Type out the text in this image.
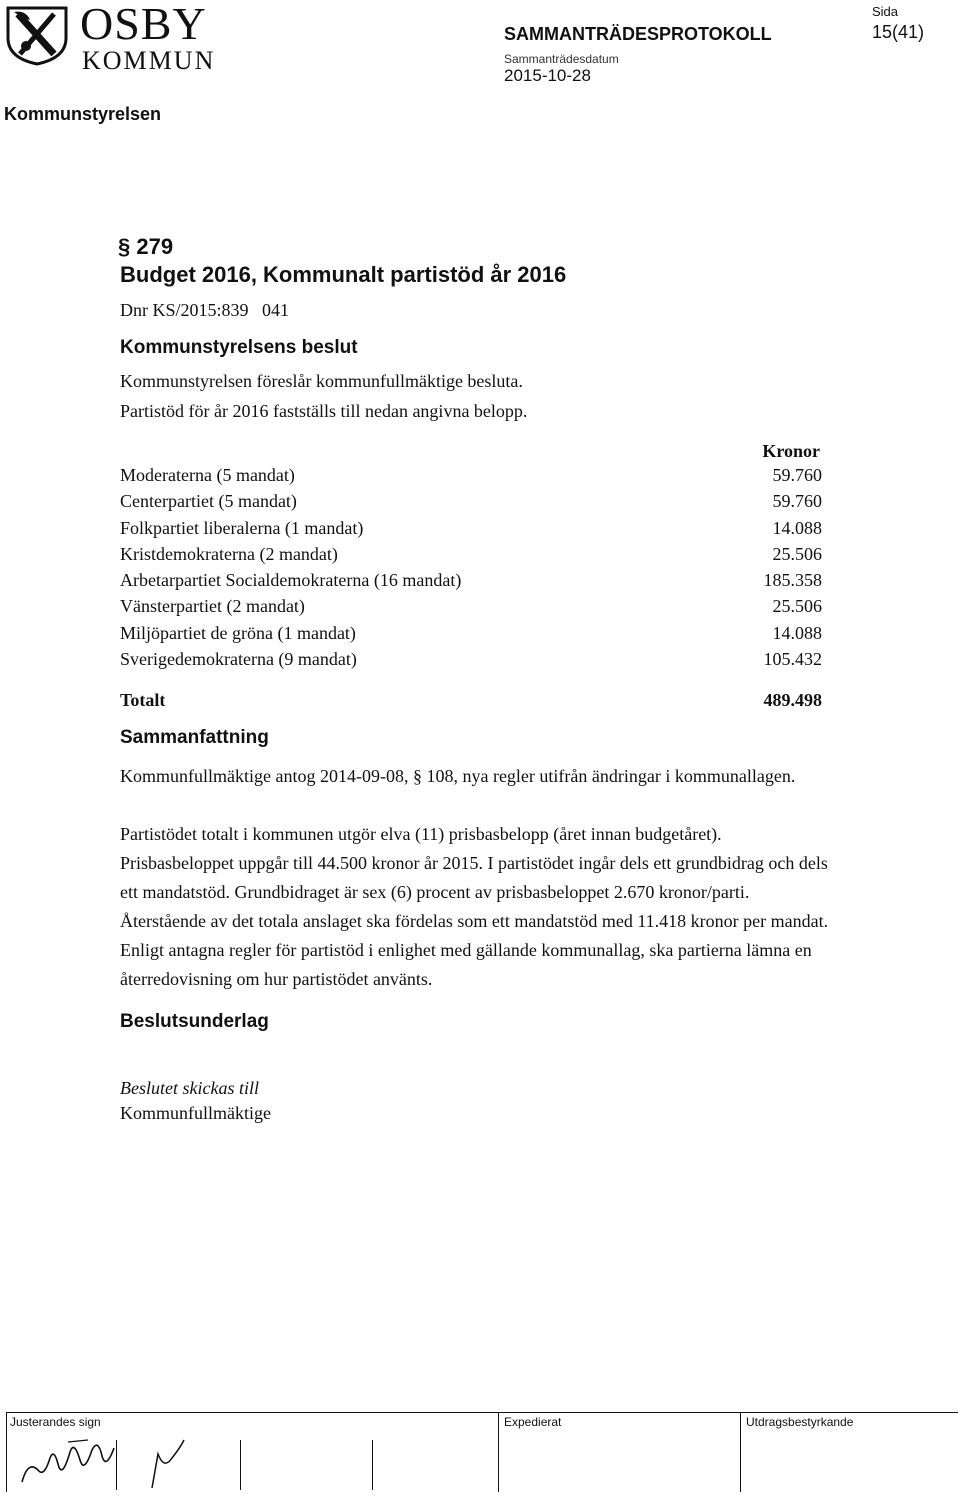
OSBY
KOMMUN
SAMMANTRÄDESPROTOKOLL
Sammanträdesdatum
2015-10-28
Sida
15(41)
Kommunstyrelsen
§ 279
Budget 2016, Kommunalt partistöd år 2016
Dnr KS/2015:839   041
Kommunstyrelsens beslut
Kommunstyrelsen föreslår kommunfullmäktige besluta.
Partistöd för år 2016 fastställs till nedan angivna belopp.
Kronor
Moderaterna (5 mandat)	59.760
Centerpartiet (5 mandat)	59.760
Folkpartiet liberalerna (1 mandat)	14.088
Kristdemokraterna (2 mandat)	25.506
Arbetarpartiet Socialdemokraterna (16 mandat)	185.358
Vänsterpartiet (2 mandat)	25.506
Miljöpartiet de gröna (1 mandat)	14.088
Sverigedemokraterna (9 mandat)	105.432
Totalt	489.498
Sammanfattning
Kommunfullmäktige antog 2014-09-08, § 108, nya regler utifrån ändringar i kommunallagen.
Partistödet totalt i kommunen utgör elva (11) prisbasbelopp (året innan budgetåret). Prisbasbeloppet uppgår till 44.500 kronor år 2015. I partistödet ingår dels ett grundbidrag och dels ett mandatstöd. Grundbidraget är sex (6) procent av prisbasbeloppet 2.670 kronor/parti. Återstående av det totala anslaget ska fördelas som ett mandatstöd med 11.418 kronor per mandat. Enligt antagna regler för partistöd i enlighet med gällande kommunallag, ska partierna lämna en återredovisning om hur partistödet använts.
Beslutsunderlag
Beslutet skickas till
Kommunfullmäktige
Justerandes sign	Expedierat	Utdragsbestyrkande
